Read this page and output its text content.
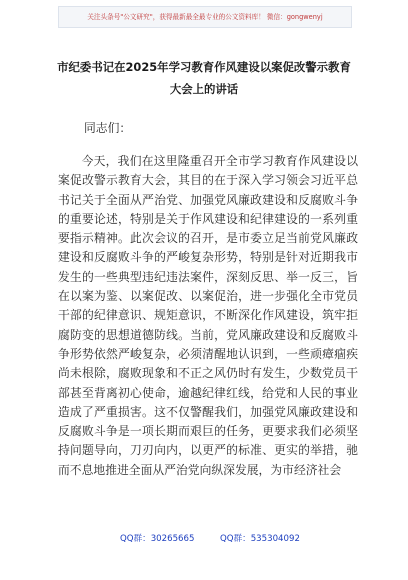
关注头条号"公文研究"，获得最新最全最专业的公文资料库！ 微信：gongwenyj
市纪委书记在2025年学习教育作风建设以案促改警示教育
大会上的讲话

同志们：

今天，我们在这里隆重召开全市学习教育作风建设以案促改警示教育大会，其目的在于深入学习领会习近平总书记关于全面从严治党、加强党风廉政建设和反腐败斗争的重要论述，特别是关于作风建设和纪律建设的一系列重要指示精神。此次会议的召开，是市委立足当前党风廉政建设和反腐败斗争的严峻复杂形势，特别是针对近期我市发生的一些典型违纪违法案件，深刻反思、举一反三，旨在以案为鉴、以案促改、以案促治，进一步强化全市党员干部的纪律意识、规矩意识，不断深化作风建设，筑牢拒腐防变的思想道德防线。当前，党风廉政建设和反腐败斗争形势依然严峻复杂，必须清醒地认识到，一些顽瘴痼疾尚未根除，腐败现象和不正之风仍时有发生，少数党员干部甚至背离初心使命，逾越纪律红线，给党和人民的事业造成了严重损害。这不仅警醒我们，加强党风廉政建设和反腐败斗争是一项长期而艰巨的任务，更要求我们必须坚持问题导向，刀刃向内，以更严的标准、更实的举措，驰而不息地推进全面从严治党向纵深发展，为市经济社会

QQ群：30265665	QQ群：535304092
